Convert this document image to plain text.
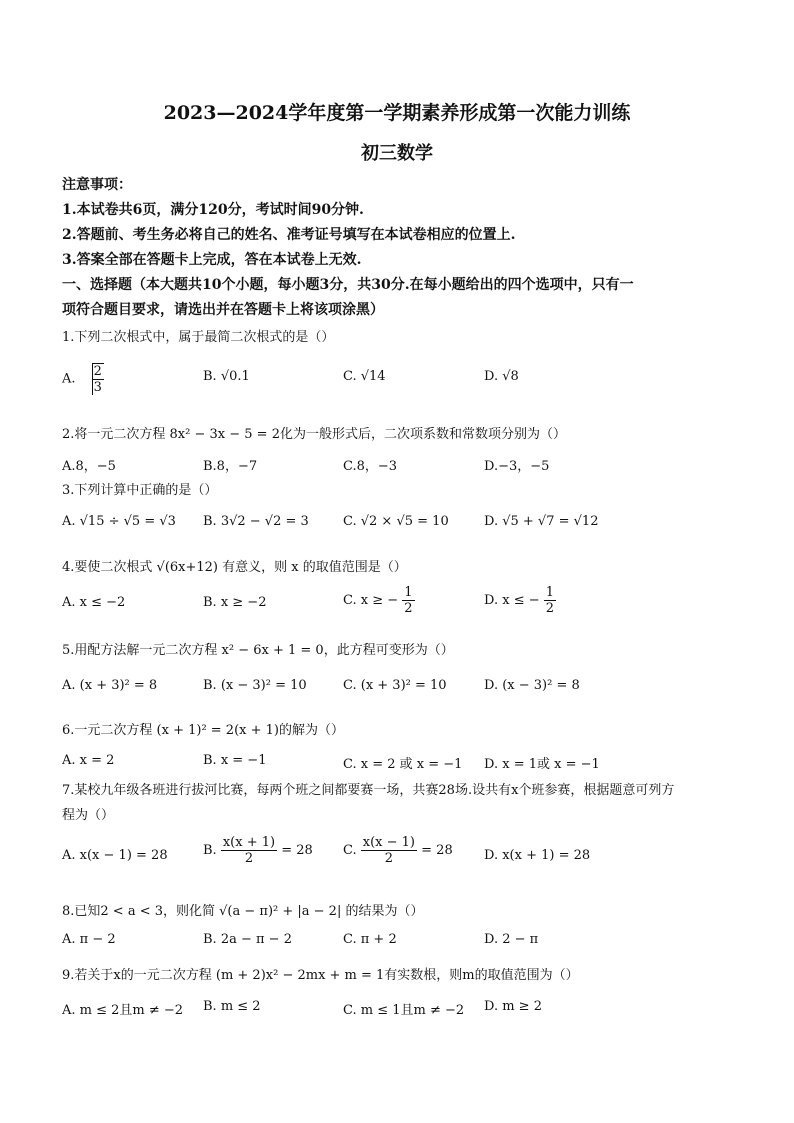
2023—2024学年度第一学期素养形成第一次能力训练
初三数学
注意事项：
1.本试卷共6页，满分120分，考试时间90分钟.
2.答题前、考生务必将自己的姓名、准考证号填写在本试卷相应的位置上.
3.答案全部在答题卡上完成，答在本试卷上无效.
一、选择题（本大题共10个小题，每小题3分，共30分.在每小题给出的四个选项中，只有一
项符合题目要求，请选出并在答题卡上将该项涂黑）
1.下列二次根式中，属于最简二次根式的是（）
A. $\frac{2}{3}$	B. √0.1	C. √14	D. √8
2.将一元二次方程 8x² − 3x − 5 = 2化为一般形式后，二次项系数和常数项分别为（）
A.8，−5	B.8，−7	C.8，−3	D.−3，−5
3.下列计算中正确的是（）
A. √15 ÷ √5 = √3 B. 3√2 − √2 = 3	C. √2 × √5 = 10	D. √5 + √7 = √12
4.要使二次根式 √(6x+12) 有意义，则 x 的取值范围是（）
A. x ≤ −2	B. x ≥ −2	C. x ≥ − $\frac{1}{2}$	D. x ≤ − $\frac{1}{2}$
5.用配方法解一元二次方程 x² − 6x + 1 = 0，此方程可变形为（）
A. (x + 3)² = 8	B. (x − 3)² = 10	C. (x + 3)² = 10	D. (x − 3)² = 8
6.一元二次方程 (x + 1)² = 2(x + 1)的解为（）
A. x = 2	B. x = −1	C. x = 2 或 x = −1 D. x = 1或 x = −1
7.某校九年级各班进行拔河比赛，每两个班之间都要赛一场，共赛28场.设共有x个班参赛，根据题意可列方
程为（）
A. x(x − 1) = 28	B. $\frac{x(x + 1)}{2} = 28$ C. $\frac{x(x - 1)}{2} = 28$ D. x(x + 1) = 28
8.已知2 < a < 3，则化简 √(a − π)² + |a − 2| 的结果为（）
A. π − 2	B. 2a − π − 2	C. π + 2	D. 2 − π
9.若关于x的一元二次方程 (m + 2)x² − 2mx + m = 1有实数根，则m的取值范围为（）
A. m ≤ 2且m ≠ −2 B. m ≤ 2	C. m ≤ 1且m ≠ −2 D. m ≥ 2
